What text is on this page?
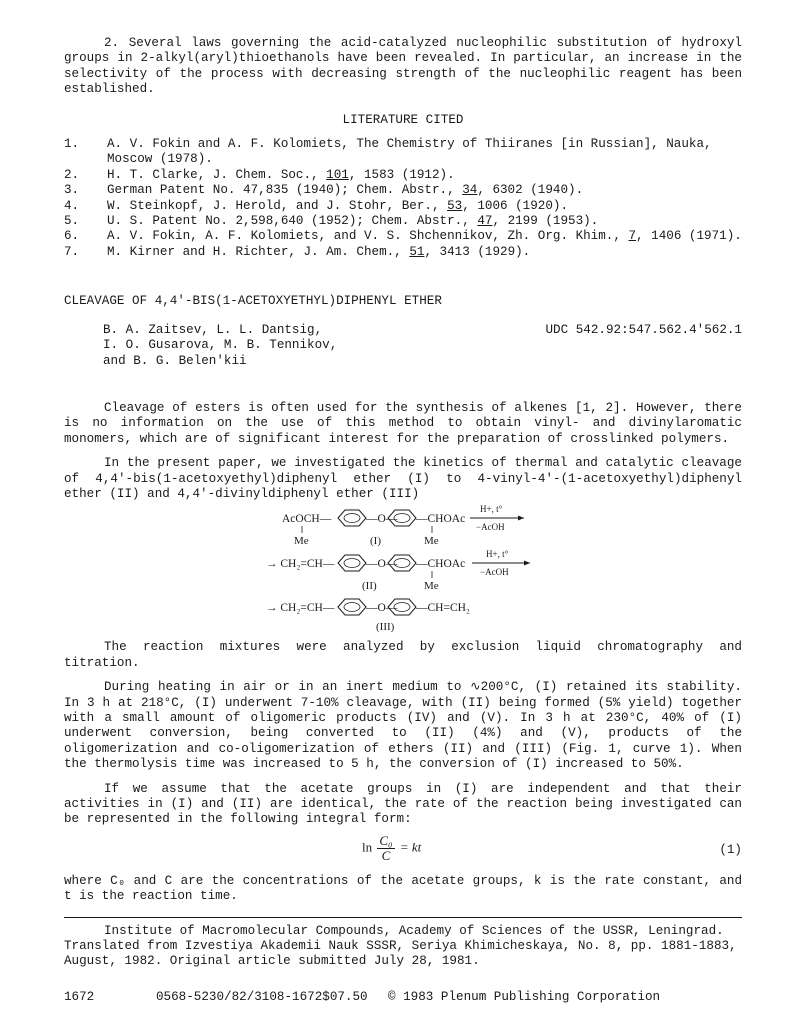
2. Several laws governing the acid-catalyzed nucleophilic substitution of hydroxyl groups in 2-alkyl(aryl)thioethanols have been revealed. In particular, an increase in the selectivity of the process with decreasing strength of the nucleophilic reagent has been established.

LITERATURE CITED
1.	A. V. Fokin and A. F. Kolomiets, The Chemistry of Thiiranes [in Russian], Nauka, Moscow (1978).
2.	H. T. Clarke, J. Chem. Soc., 101, 1583 (1912).
3.	German Patent No. 47,835 (1940); Chem. Abstr., 34, 6302 (1940).
4.	W. Steinkopf, J. Herold, and J. Stohr, Ber., 53, 1006 (1920).
5.	U. S. Patent No. 2,598,640 (1952); Chem. Abstr., 47, 2199 (1953).
6.	A. V. Fokin, A. F. Kolomiets, and V. S. Shchennikov, Zh. Org. Khim., 7, 1406 (1971).
7.	M. Kirner and H. Richter, J. Am. Chem., 51, 3413 (1929).
CLEAVAGE OF 4,4'-BIS(1-ACETOXYETHYL)DIPHENYL ETHER
B. A. Zaitsev, L. L. Dantsig,
I. O. Gusarova, M. B. Tennikov,
and B. G. Belen'kii
UDC 542.92:547.562.4'562.1

Cleavage of esters is often used for the synthesis of alkenes [1, 2]. However, there is no information on the use of this method to obtain vinyl- and divinylaromatic monomers, which are of significant interest for the preparation of crosslinked polymers.

In the present paper, we investigated the kinetics of thermal and catalytic cleavage of 4,4'-bis(1-acetoxyethyl)diphenyl ether (I) to 4-vinyl-4'-(1-acetoxyethyl)diphenyl ether (II) and 4,4'-divinyldiphenyl ether (III)

AcOCH—	—O— —CHOAc
H+, t°
−AcOH
Me	(I)	Me
→ CH₂=CH—	—O— —CHOAc
H+, t°
−AcOH
(II)	Me
→ CH₂=CH—	—O— —CH=CH₂
(III)

The reaction mixtures were analyzed by exclusion liquid chromatography and titration.

During heating in air or in an inert medium to ∿200°C, (I) retained its stability. In 3 h at 218°C, (I) underwent 7-10% cleavage, with (II) being formed (5% yield) together with a small amount of oligomeric products (IV) and (V). In 3 h at 230°C, 40% of (I) underwent conversion, being converted to (II) (4%) and (V), products of the oligomerization and co-oligomerization of ethers (II) and (III) (Fig. 1, curve 1). When the thermolysis time was increased to 5 h, the conversion of (I) increased to 50%.

If we assume that the acetate groups in (I) are independent and that their activities in (I) and (II) are identical, the rate of the reaction being investigated can be represented in the following integral form:

$\ln \frac{\text{C₀}}{C}$ = kt	(1)

where C₀ and C are the concentrations of the acetate groups, k is the rate constant, and t is the reaction time.

Institute of Macromolecular Compounds, Academy of Sciences of the USSR, Leningrad. Translated from Izvestiya Akademii Nauk SSSR, Seriya Khimicheskaya, No. 8, pp. 1881-1883, August, 1982. Original article submitted July 28, 1981.

1672	0568-5230/82/3108-1672$07.50	© 1983 Plenum Publishing Corporation
